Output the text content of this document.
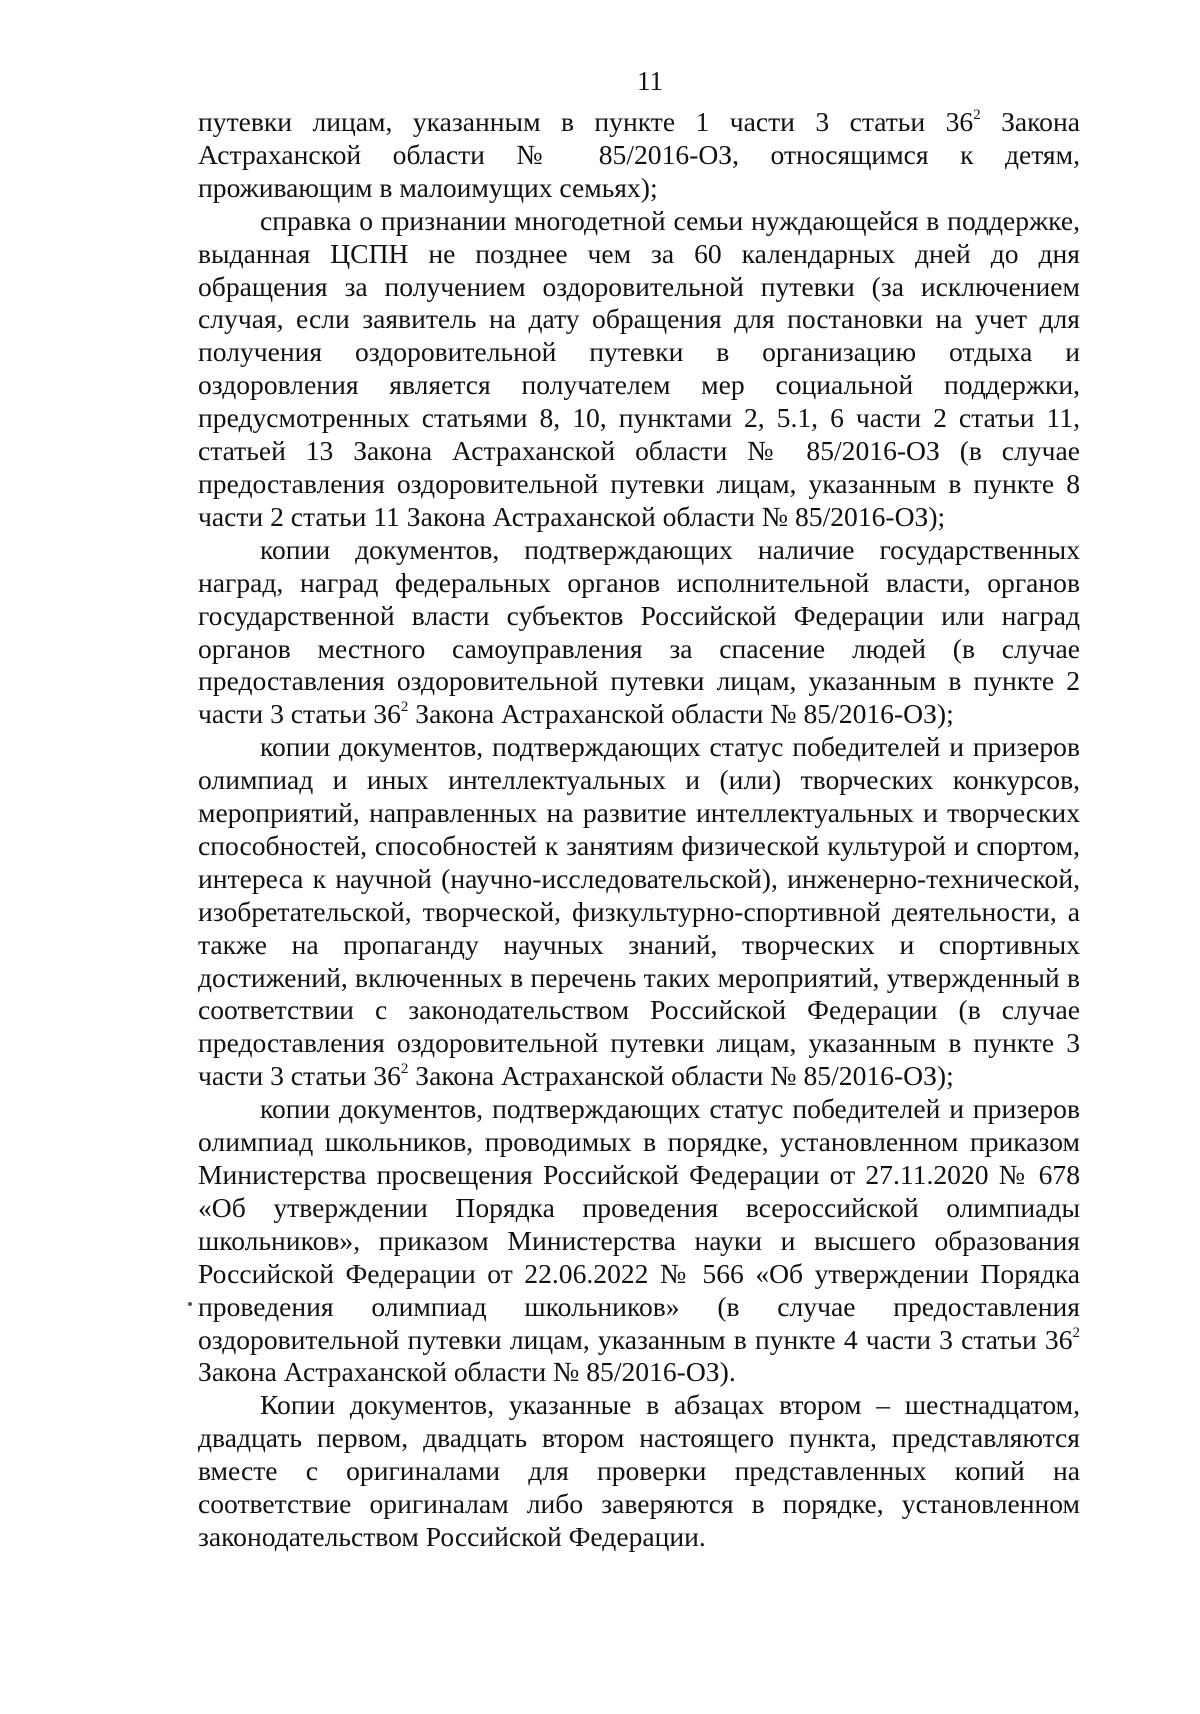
11

путевки лицам, указанным в пункте 1 части 3 статьи $36^2$ Закона Астраханской области № 85/2016-ОЗ, относящимся к детям, проживающим в малоимущих семьях);

справка о признании многодетной семьи нуждающейся в поддержке, выданная ЦСПН не позднее чем за 60 календарных дней до дня обращения за получением оздоровительной путевки (за исключением случая, если заявитель на дату обращения для постановки на учет для получения оздоровительной путевки в организацию отдыха и оздоровления является получателем мер социальной поддержки, предусмотренных статьями 8, 10, пунктами 2, 5.1, 6 части 2 статьи 11, статьей 13 Закона Астраханской области № 85/2016-ОЗ (в случае предоставления оздоровительной путевки лицам, указанным в пункте 8 части 2 статьи 11 Закона Астраханской области № 85/2016-ОЗ);

копии документов, подтверждающих наличие государственных наград, наград федеральных органов исполнительной власти, органов государственной власти субъектов Российской Федерации или наград органов местного самоуправления за спасение людей (в случае предоставления оздоровительной путевки лицам, указанным в пункте 2 части 3 статьи $36^2$ Закона Астраханской области № 85/2016-ОЗ);

копии документов, подтверждающих статус победителей и призеров олимпиад и иных интеллектуальных и (или) творческих конкурсов, мероприятий, направленных на развитие интеллектуальных и творческих способностей, способностей к занятиям физической культурой и спортом, интереса к научной (научно-исследовательской), инженерно-технической, изобретательской, творческой, физкультурно-спортивной деятельности, а также на пропаганду научных знаний, творческих и спортивных достижений, включенных в перечень таких мероприятий, утвержденный в соответствии с законодательством Российской Федерации (в случае предоставления оздоровительной путевки лицам, указанным в пункте 3 части 3 статьи $36^2$ Закона Астраханской области № 85/2016-ОЗ);

копии документов, подтверждающих статус победителей и призеров олимпиад школьников, проводимых в порядке, установленном приказом Министерства просвещения Российской Федерации от 27.11.2020 № 678 «Об утверждении Порядка проведения всероссийской олимпиады школьников», приказом Министерства науки и высшего образования Российской Федерации от 22.06.2022 № 566 «Об утверждении Порядка проведения олимпиад школьников» (в случае предоставления оздоровительной путевки лицам, указанным в пункте 4 части 3 статьи $36^2$ Закона Астраханской области № 85/2016-ОЗ).

Копии документов, указанные в абзацах втором – шестнадцатом, двадцать первом, двадцать втором настоящего пункта, представляются вместе с оригиналами для проверки представленных копий на соответствие оригиналам либо заверяются в порядке, установленном законодательством Российской Федерации.
